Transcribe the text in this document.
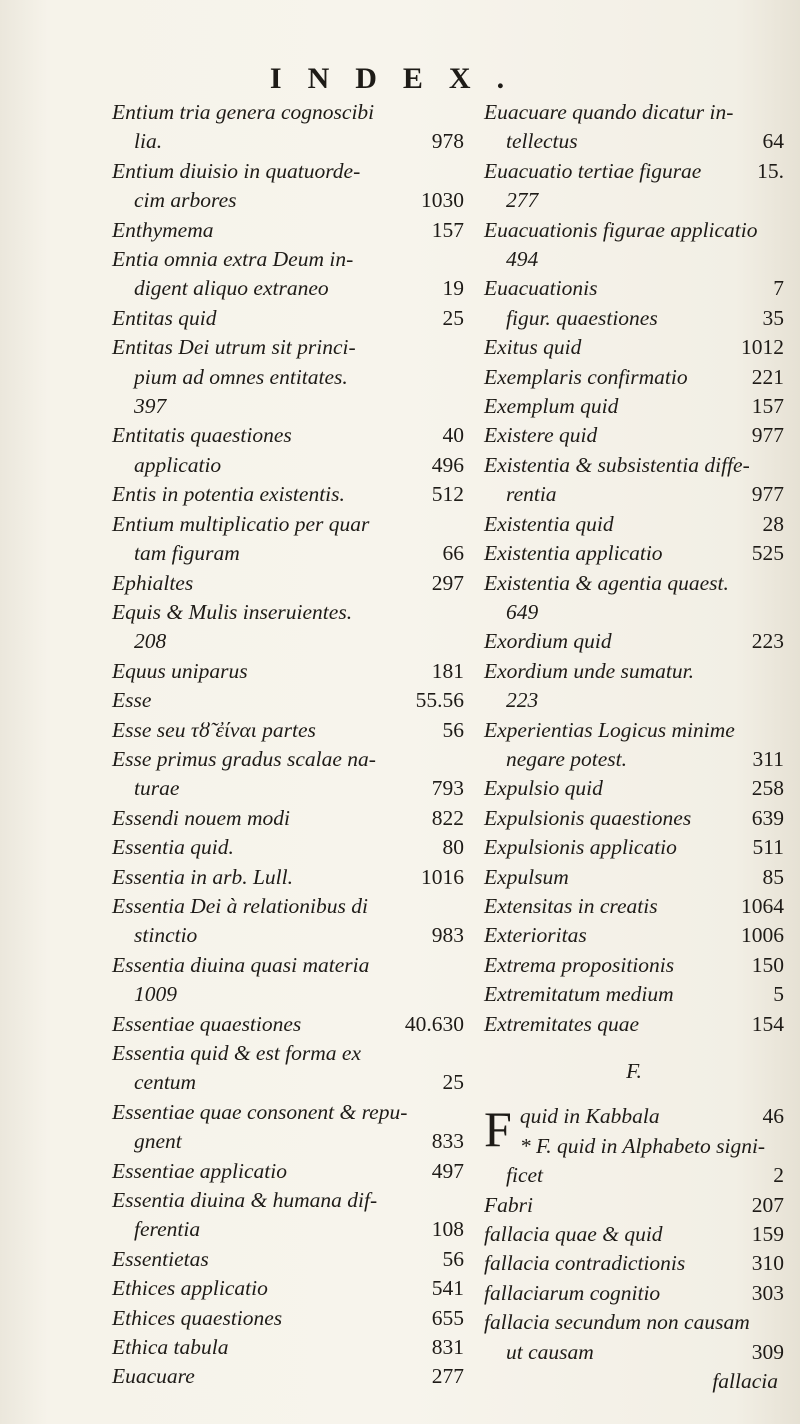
INDEX.
Entium tria genera cognoscibi
lia.	978
Entium diuisio in quatuorde-
cim arbores	1030
Enthymema	157
Entia omnia extra Deum in-
digent aliquo extraneo	19
Entitas quid	25
Entitas Dei utrum sit princi-
pium ad omnes entitates.
397
Entitatis quaestiones	40
applicatio	496
Entis in potentia existentis.	512
Entium multiplicatio per quar
tam figuram	66
Ephialtes	297
Equis & Mulis inseruientes.
208
Equus uniparus	181
Esse	55.56
Esse seu τȣ̃ ἐίναι partes	56
Esse primus gradus scalae na-
turae	793
Essendi nouem modi	822
Essentia quid.	80
Essentia in arb. Lull.	1016
Essentia Dei à relationibus di
stinctio	983
Essentia diuina quasi materia
1009
Essentiae quaestiones	40.630
Essentia quid & est forma ex
centum	25
Essentiae quae consonent & repu-
gnent	833
Essentiae applicatio	497
Essentia diuina & humana dif-
ferentia	108
Essentietas	56
Ethices applicatio	541
Ethices quaestiones	655
Ethica tabula	831
Euacuare	277
Euacuare quando dicatur in-
tellectus	64
Euacuatio tertiae figurae	15.
277
Euacuationis figurae applicatio
494
Euacuationis	7
figur. quaestiones	35
Exitus quid	1012
Exemplaris confirmatio	221
Exemplum quid	157
Existere quid	977
Existentia & subsistentia diffe-
rentia	977
Existentia quid	28
Existentia applicatio	525
Existentia & agentia quaest.
649
Exordium quid	223
Exordium unde sumatur.
223
Experientias Logicus minime
negare potest.	311
Expulsio quid	258
Expulsionis quaestiones	639
Expulsionis applicatio	511
Expulsum	85
Extensitas in creatis	1064
Exterioritas	1006
Extrema propositionis	150
Extremitatum medium	5
Extremitates quae	154
F.
F quid in Kabbala	46
* F. quid in Alphabeto signi-
ficet	2
Fabri	207
fallacia quae & quid	159
fallacia contradictionis	310
fallaciarum cognitio	303
fallacia secundum non causam
ut causam	309
fallacia
